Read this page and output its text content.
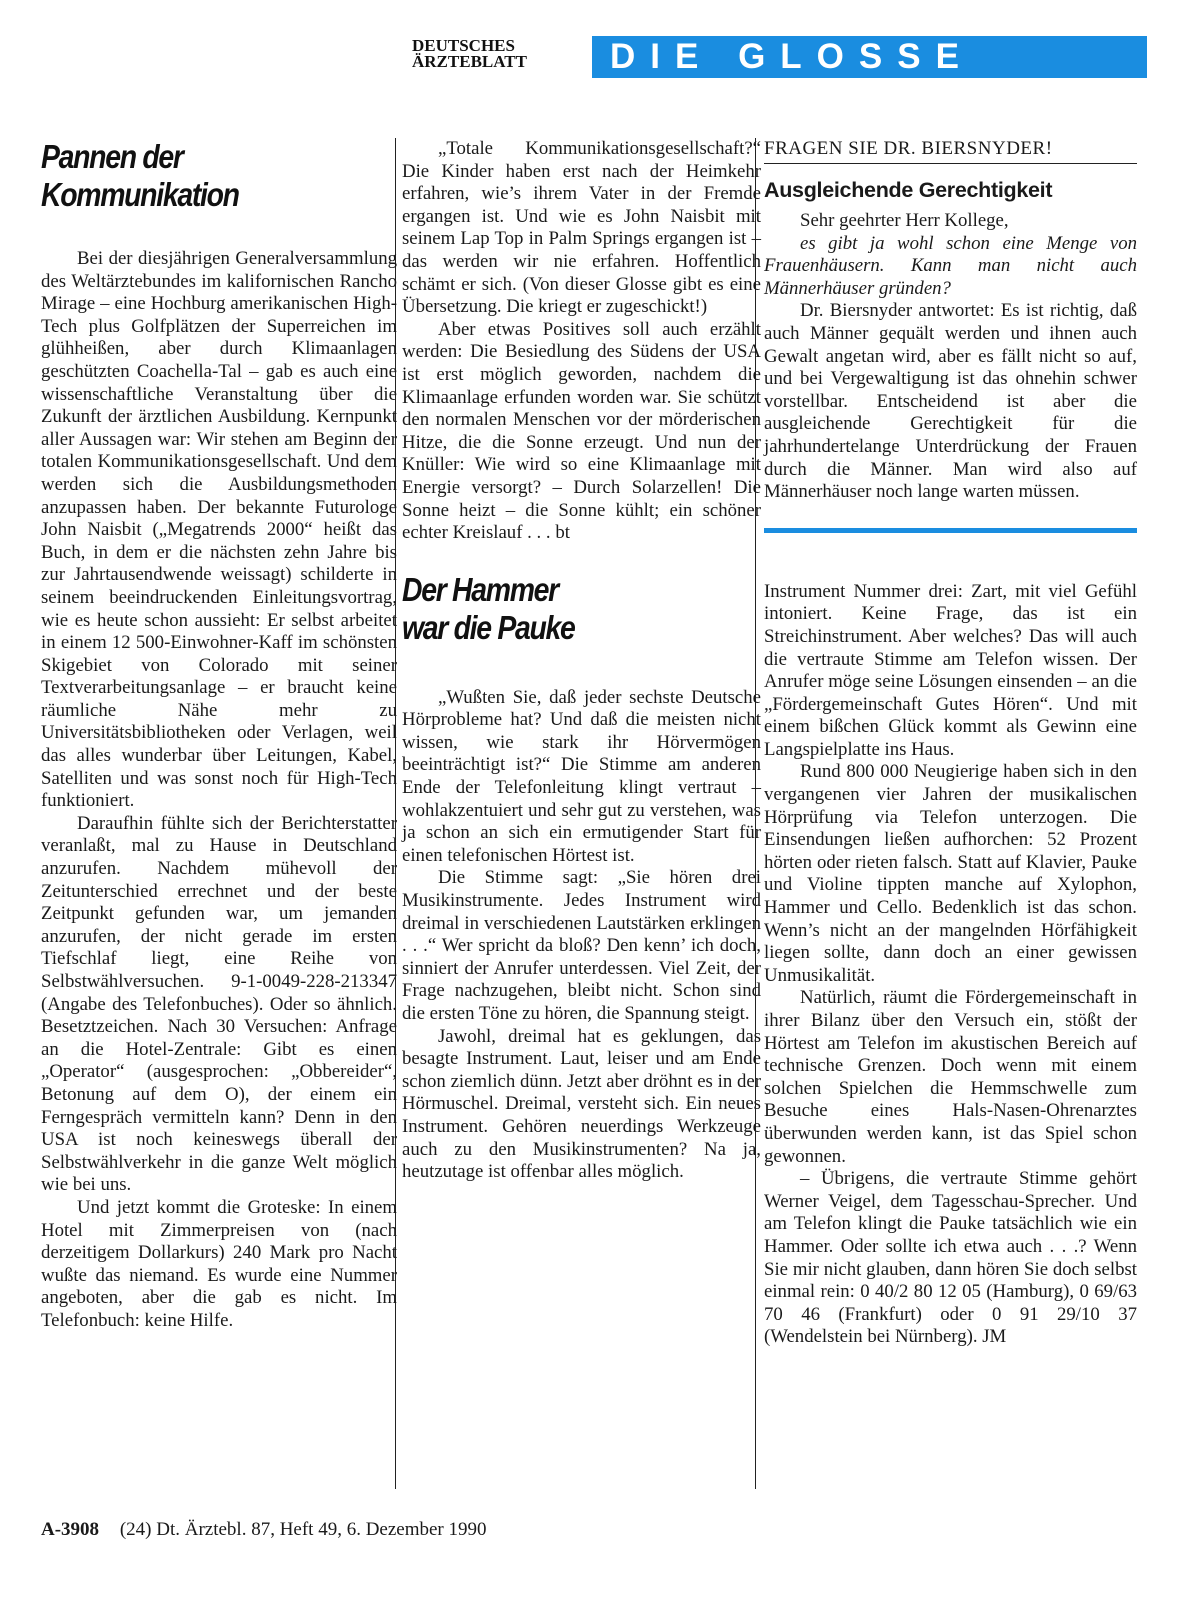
DEUTSCHES
ÄRZTEBLATT	DIE GLOSSE
Pannen der
Kommunikation

Bei der diesjährigen Generalversammlung des Weltärztebundes im kalifornischen Rancho Mirage – eine Hochburg amerikanischen High-Tech plus Golfplätzen der Superreichen im glühheißen, aber durch Klimaanlagen geschützten Coachella-Tal – gab es auch eine wissenschaftliche Veranstaltung über die Zukunft der ärztlichen Ausbildung. Kernpunkt aller Aussagen war: Wir stehen am Beginn der totalen Kommunikationsgesellschaft. Und dem werden sich die Ausbildungsmethoden anzupassen haben. Der bekannte Futurologe John Naisbit („Megatrends 2000“ heißt das Buch, in dem er die nächsten zehn Jahre bis zur Jahrtausendwende weissagt) schilderte in seinem beeindruckenden Einleitungsvortrag, wie es heute schon aussieht: Er selbst arbeitet in einem 12 500-Einwohner-Kaff im schönsten Skigebiet von Colorado mit seiner Textverarbeitungsanlage – er braucht keine räumliche Nähe mehr zu Universitätsbibliotheken oder Verlagen, weil das alles wunderbar über Leitungen, Kabel, Satelliten und was sonst noch für High-Tech funktioniert.

Daraufhin fühlte sich der Berichterstatter veranlaßt, mal zu Hause in Deutschland anzurufen. Nachdem mühevoll der Zeitunterschied errechnet und der beste Zeitpunkt gefunden war, um jemanden anzurufen, der nicht gerade im ersten Tiefschlaf liegt, eine Reihe von Selbstwählversuchen. 9-1-0049-228-213347 (Angabe des Telefonbuches). Oder so ähnlich. Besetztzeichen. Nach 30 Versuchen: Anfrage an die Hotel-Zentrale: Gibt es einen „Operator“ (ausgesprochen: „Obbereider“, Betonung auf dem O), der einem ein Ferngespräch vermitteln kann? Denn in den USA ist noch keineswegs überall der Selbstwählverkehr in die ganze Welt möglich wie bei uns.

Und jetzt kommt die Groteske: In einem Hotel mit Zimmerpreisen von (nach derzeitigem Dollarkurs) 240 Mark pro Nacht wußte das niemand. Es wurde eine Nummer angeboten, aber die gab es nicht. Im Telefonbuch: keine Hilfe.

„Totale Kommunikationsgesellschaft?“ Die Kinder haben erst nach der Heimkehr erfahren, wie’s ihrem Vater in der Fremde ergangen ist. Und wie es John Naisbit mit seinem Lap Top in Palm Springs ergangen ist – das werden wir nie erfahren. Hoffentlich schämt er sich. (Von dieser Glosse gibt es eine Übersetzung. Die kriegt er zugeschickt!)

Aber etwas Positives soll auch erzählt werden: Die Besiedlung des Südens der USA ist erst möglich geworden, nachdem die Klimaanlage erfunden worden war. Sie schützt den normalen Menschen vor der mörderischen Hitze, die die Sonne erzeugt. Und nun der Knüller: Wie wird so eine Klimaanlage mit Energie versorgt? – Durch Solarzellen! Die Sonne heizt – die Sonne kühlt; ein schöner echter Kreislauf . . . bt

Der Hammer
war die Pauke

„Wußten Sie, daß jeder sechste Deutsche Hörprobleme hat? Und daß die meisten nicht wissen, wie stark ihr Hörvermögen beeinträchtigt ist?“ Die Stimme am anderen Ende der Telefonleitung klingt vertraut – wohlakzentuiert und sehr gut zu verstehen, was ja schon an sich ein ermutigender Start für einen telefonischen Hörtest ist.

Die Stimme sagt: „Sie hören drei Musikinstrumente. Jedes Instrument wird dreimal in verschiedenen Lautstärken erklingen . . .“ Wer spricht da bloß? Den kenn’ ich doch, sinniert der Anrufer unterdessen. Viel Zeit, der Frage nachzugehen, bleibt nicht. Schon sind die ersten Töne zu hören, die Spannung steigt.

Jawohl, dreimal hat es geklungen, das besagte Instrument. Laut, leiser und am Ende schon ziemlich dünn. Jetzt aber dröhnt es in der Hörmuschel. Dreimal, versteht sich. Ein neues Instrument. Gehören neuerdings Werkzeuge auch zu den Musikinstrumenten? Na ja, heutzutage ist offenbar alles möglich.

FRAGEN SIE DR. BIERSNYDER!
Ausgleichende Gerechtigkeit

Sehr geehrter Herr Kollege,

es gibt ja wohl schon eine Menge von Frauenhäusern. Kann man nicht auch Männerhäuser gründen?

Dr. Biersnyder antwortet: Es ist richtig, daß auch Männer gequält werden und ihnen auch Gewalt angetan wird, aber es fällt nicht so auf, und bei Vergewaltigung ist das ohnehin schwer vorstellbar. Entscheidend ist aber die ausgleichende Gerechtigkeit für die jahrhundertelange Unterdrückung der Frauen durch die Männer. Man wird also auf Männerhäuser noch lange warten müssen.

Instrument Nummer drei: Zart, mit viel Gefühl intoniert. Keine Frage, das ist ein Streichinstrument. Aber welches? Das will auch die vertraute Stimme am Telefon wissen. Der Anrufer möge seine Lösungen einsenden – an die „Fördergemeinschaft Gutes Hören“. Und mit einem bißchen Glück kommt als Gewinn eine Langspielplatte ins Haus.

Rund 800 000 Neugierige haben sich in den vergangenen vier Jahren der musikalischen Hörprüfung via Telefon unterzogen. Die Einsendungen ließen aufhorchen: 52 Prozent hörten oder rieten falsch. Statt auf Klavier, Pauke und Violine tippten manche auf Xylophon, Hammer und Cello. Bedenklich ist das schon. Wenn’s nicht an der mangelnden Hörfähigkeit liegen sollte, dann doch an einer gewissen Unmusikalität.

Natürlich, räumt die Fördergemeinschaft in ihrer Bilanz über den Versuch ein, stößt der Hörtest am Telefon im akustischen Bereich auf technische Grenzen. Doch wenn mit einem solchen Spielchen die Hemmschwelle zum Besuche eines Hals-Nasen-Ohrenarztes überwunden werden kann, ist das Spiel schon gewonnen.

– Übrigens, die vertraute Stimme gehört Werner Veigel, dem Tagesschau-Sprecher. Und am Telefon klingt die Pauke tatsächlich wie ein Hammer. Oder sollte ich etwa auch . . .? Wenn Sie mir nicht glauben, dann hören Sie doch selbst einmal rein: 0 40/2 80 12 05 (Hamburg), 0 69/63 70 46 (Frankfurt) oder 0 91 29/10 37 (Wendelstein bei Nürnberg). JM

A-3908 (24) Dt. Ärztebl. 87, Heft 49, 6. Dezember 1990
